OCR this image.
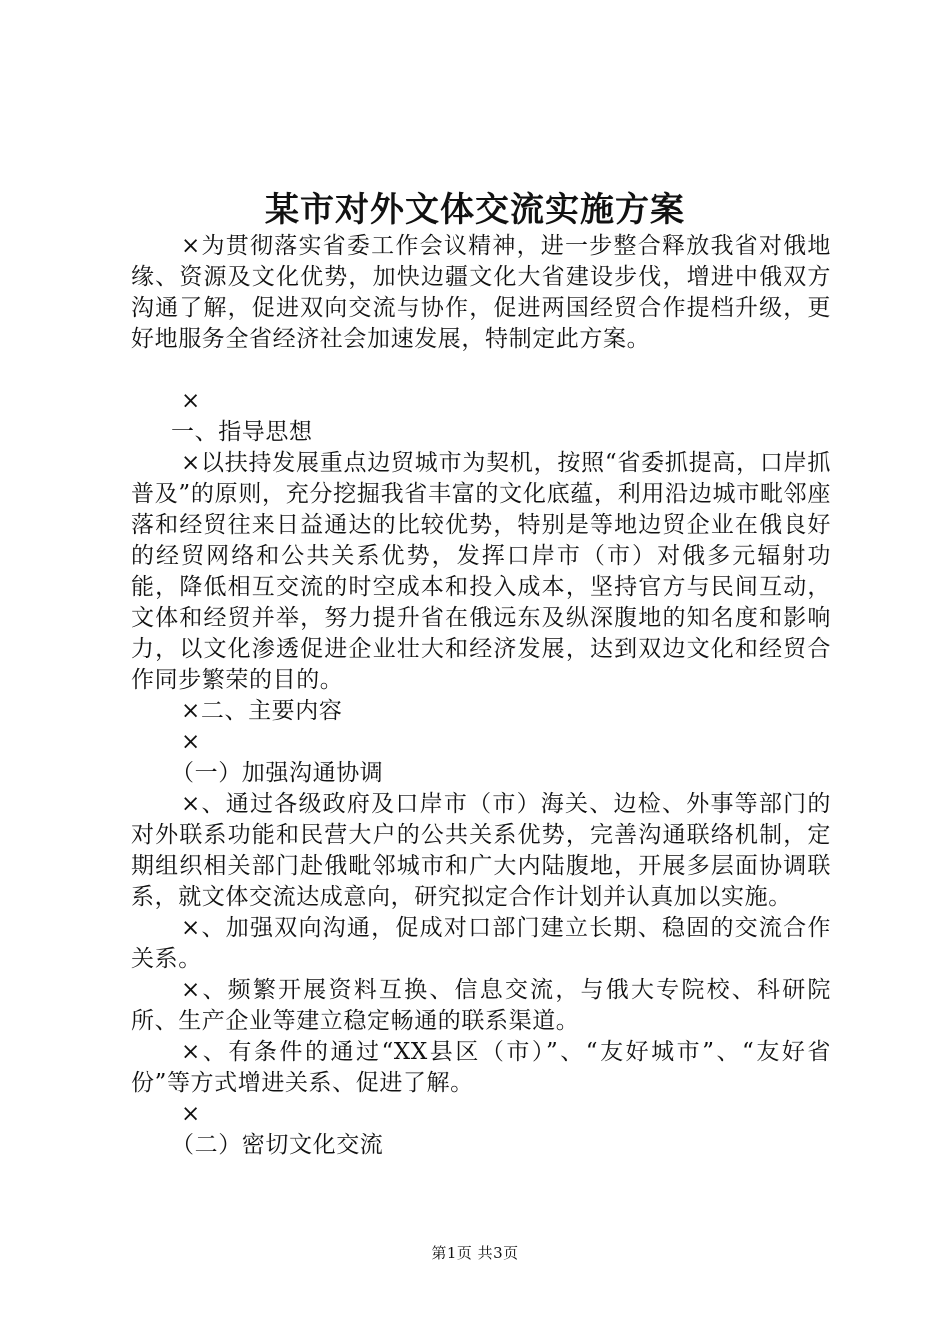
某市对外文体交流实施方案

×为贯彻落实省委工作会议精神，进一步整合释放我省对俄地缘、资源及文化优势，加快边疆文化大省建设步伐，增进中俄双方沟通了解，促进双向交流与协作，促进两国经贸合作提档升级，更好地服务全省经济社会加速发展，特制定此方案。

×

一、指导思想

×以扶持发展重点边贸城市为契机，按照“省委抓提高，口岸抓普及”的原则，充分挖掘我省丰富的文化底蕴，利用沿边城市毗邻座落和经贸往来日益通达的比较优势，特别是等地边贸企业在俄良好的经贸网络和公共关系优势，发挥口岸市（市）对俄多元辐射功能，降低相互交流的时空成本和投入成本，坚持官方与民间互动，文体和经贸并举，努力提升省在俄远东及纵深腹地的知名度和影响力，以文化渗透促进企业壮大和经济发展，达到双边文化和经贸合作同步繁荣的目的。

×二、主要内容

×

（一）加强沟通协调

×、通过各级政府及口岸市（市）海关、边检、外事等部门的对外联系功能和民营大户的公共关系优势，完善沟通联络机制，定期组织相关部门赴俄毗邻城市和广大内陆腹地，开展多层面协调联系，就文体交流达成意向，研究拟定合作计划并认真加以实施。

×、加强双向沟通，促成对口部门建立长期、稳固的交流合作关系。

×、频繁开展资料互换、信息交流，与俄大专院校、科研院所、生产企业等建立稳定畅通的联系渠道。

×、有条件的通过“XX县区（市）”、“友好城市”、“友好省份”等方式增进关系、促进了解。

×

（二）密切文化交流

第1页 共3页
